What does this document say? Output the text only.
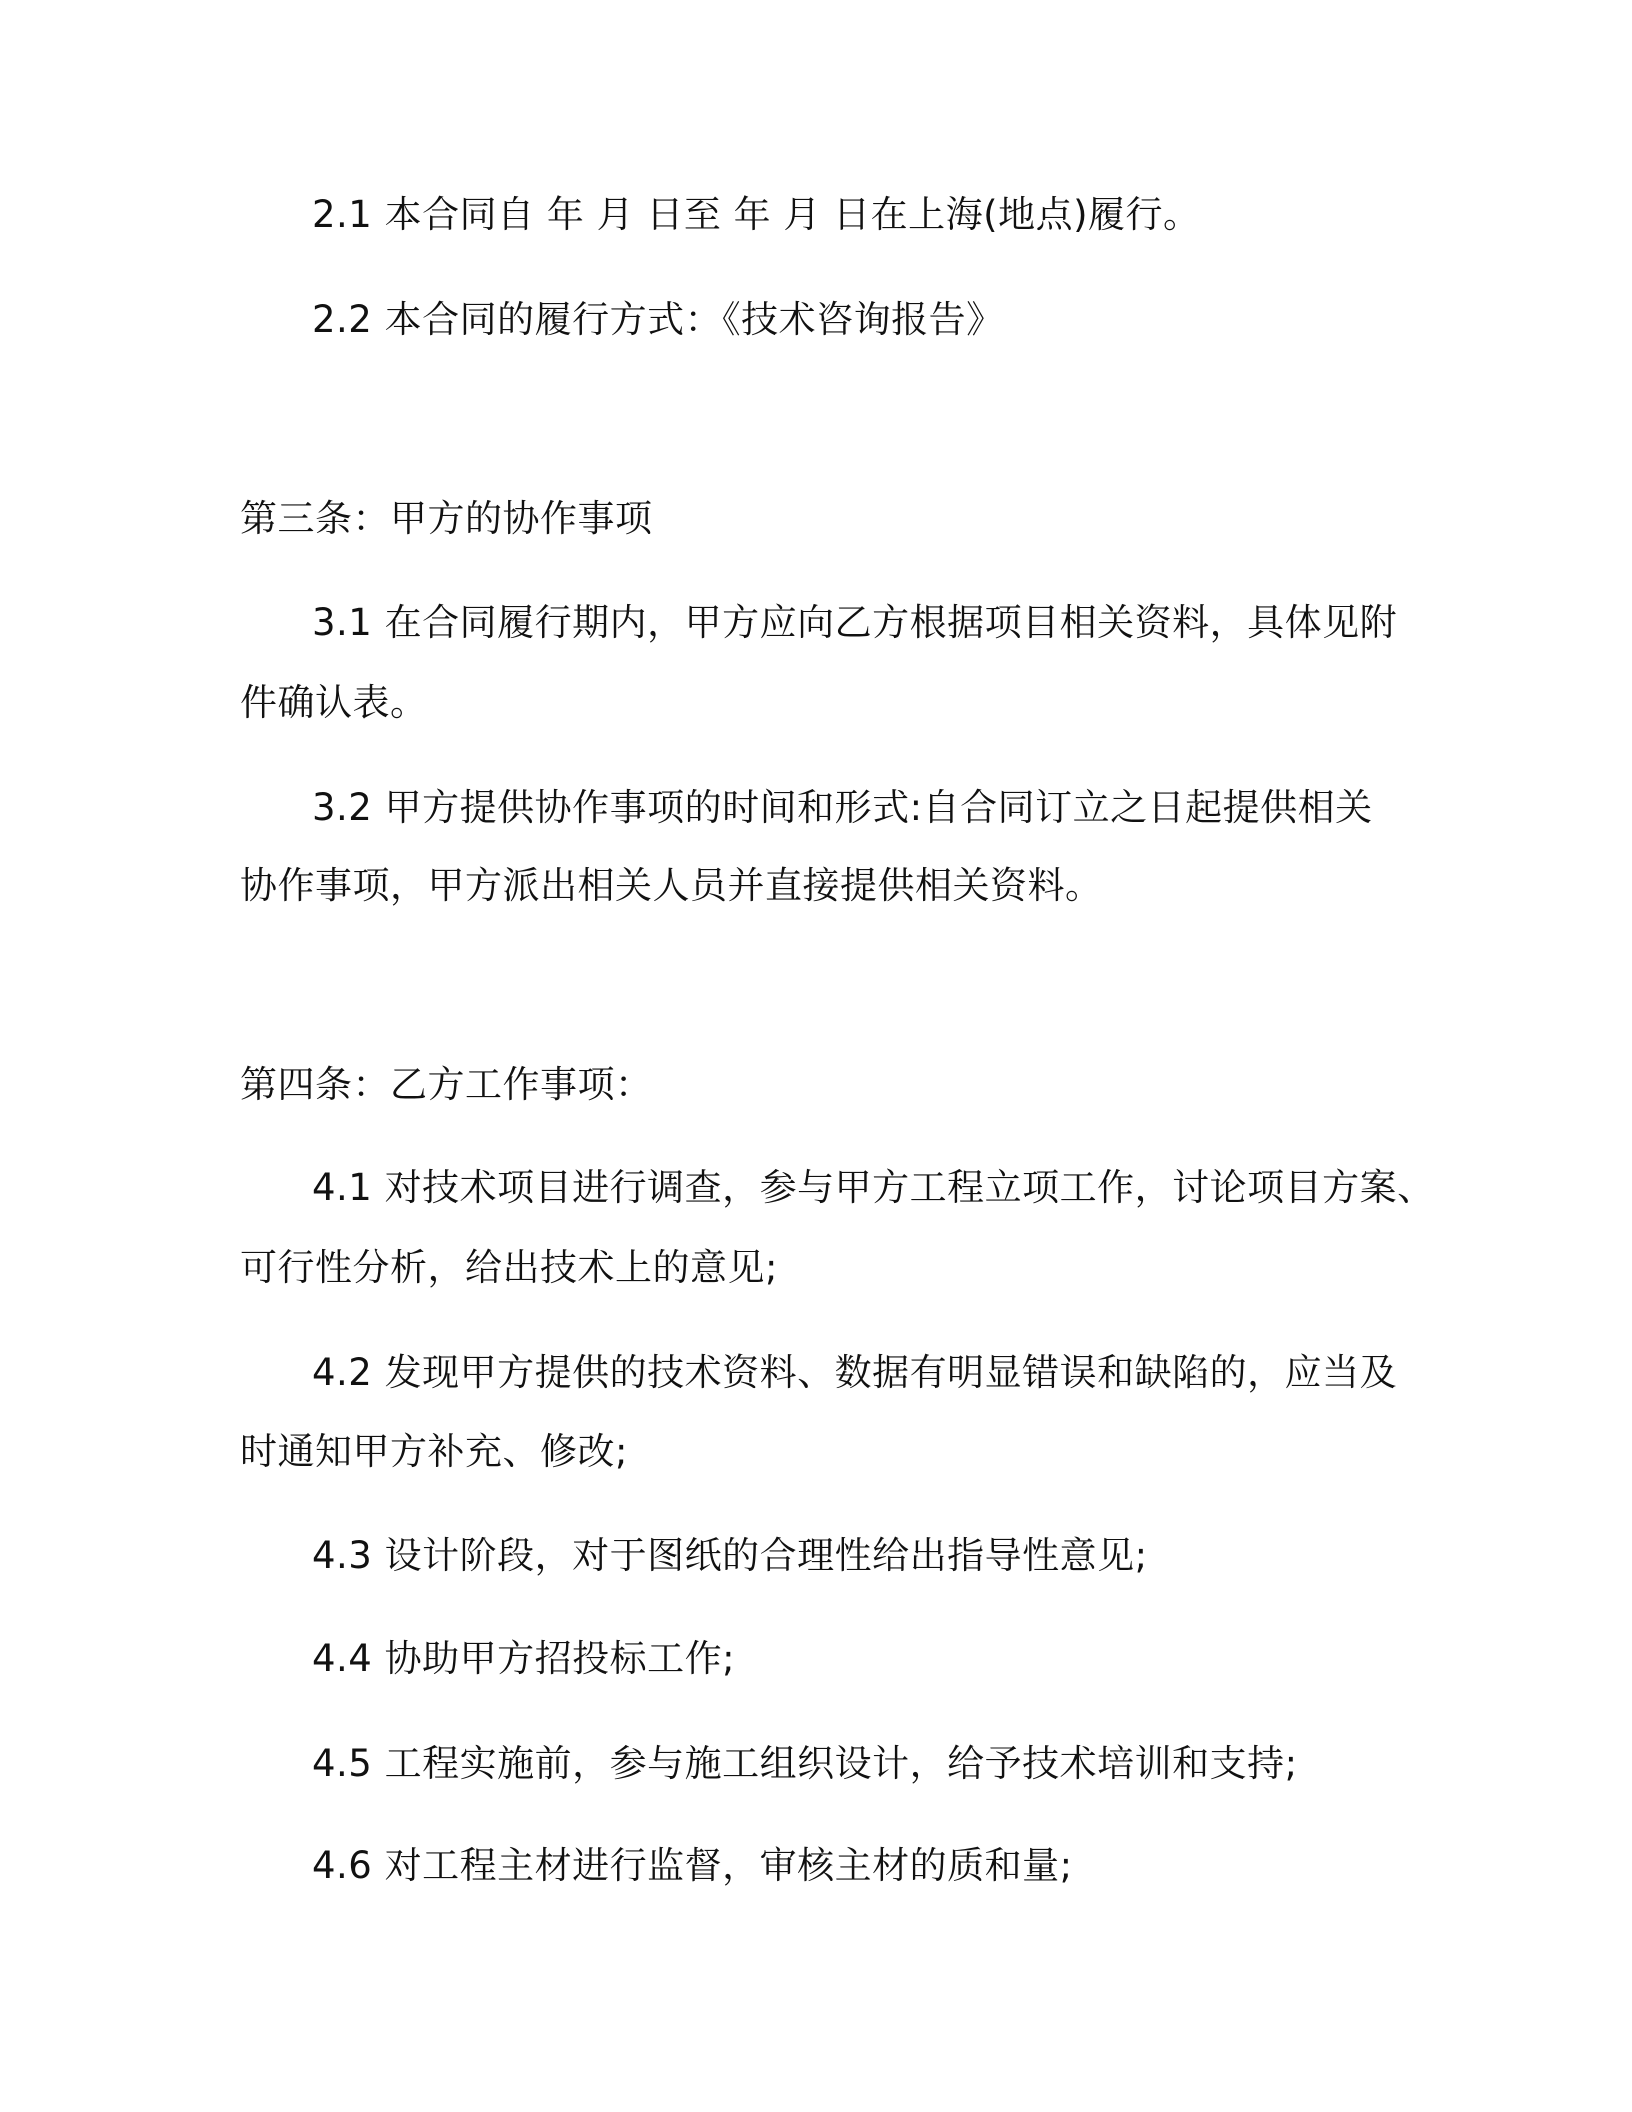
2.1 本合同自 年 月 日至 年 月 日在上海(地点)履行。
2.2 本合同的履行方式：《技术咨询报告》
第三条：甲方的协作事项
3.1 在合同履行期内，甲方应向乙方根据项目相关资料，具体见附
件确认表。
3.2 甲方提供协作事项的时间和形式:自合同订立之日起提供相关
协作事项，甲方派出相关人员并直接提供相关资料。
第四条：乙方工作事项：
4.1 对技术项目进行调查，参与甲方工程立项工作，讨论项目方案、
可行性分析，给出技术上的意见;
4.2 发现甲方提供的技术资料、数据有明显错误和缺陷的，应当及
时通知甲方补充、修改;
4.3 设计阶段，对于图纸的合理性给出指导性意见;
4.4 协助甲方招投标工作;
4.5 工程实施前，参与施工组织设计，给予技术培训和支持;
4.6 对工程主材进行监督，审核主材的质和量;
